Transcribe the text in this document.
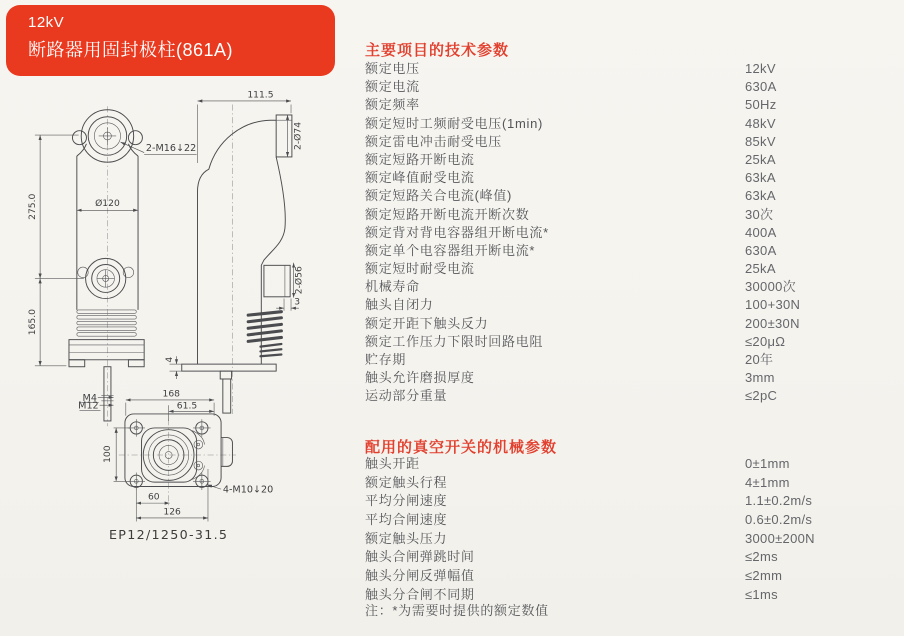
12kV
断路器用固封极柱(861A)	主要项目的技术参数
额定电压	12kV
额定电流	630A
额定频率	50Hz
额定短时工频耐受电压(1min)	48kV
额定雷电冲击耐受电压	85kV
额定短路开断电流	25kA
额定峰值耐受电流	63kA
额定短路关合电流(峰值)	63kA
额定短路开断电流开断次数	30次
额定背对背电容器组开断电流*	400A
额定单个电容器组开断电流*	630A
额定短时耐受电流	25kA
机械寿命	30000次
触头自闭力	100+30N
额定开距下触头反力	200±30N
额定工作压力下限时回路电阻	≤20μΩ
贮存期	20年
触头允许磨损厚度	3mm
运动部分重量	≤2pC
配用的真空开关的机械参数
触头开距	0±1mm
额定触头行程	4±1mm
平均分闸速度	1.1±0.2m/s
平均合闸速度	0.6±0.2m/s
额定触头压力	3000±200N
触头合闸弹跳时间	≤2ms
触头分闸反弹幅值	≤2mm
触头分合闸不同期	≤1ms
注：*为需要时提供的额定数值
275.0
165.0
Ø120
2-M16↓22
M4
M12
111.5
2-Ø74
2-Ø56
3
4
168
61.5
100
60
126
4-M10↓20
EP12/1250-31.5
